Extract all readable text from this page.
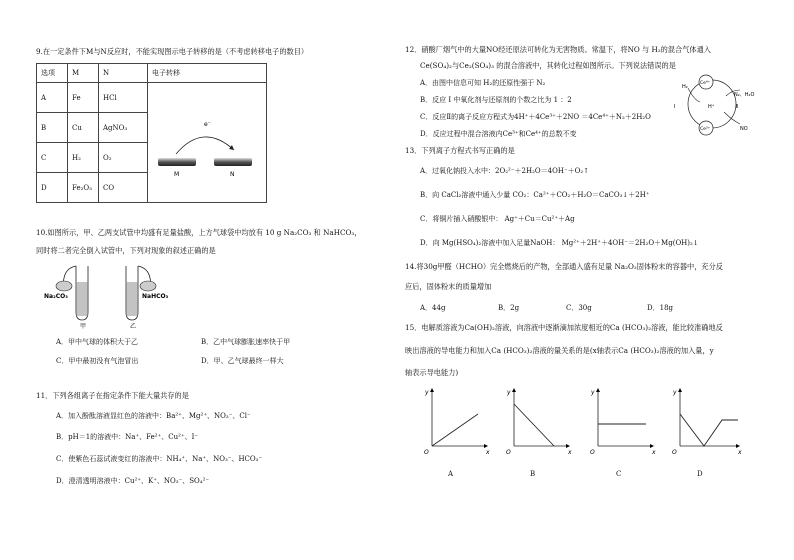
9.在一定条件下M与N反应时，不能实现图示电子转移的是（不考虑转移电子的数目）
选项	M	N	电子转移
A	Fe	HCl	e⁻
M N

B	Cu	AgNO₃	
C	H₂	O₂	
D	Fe₂O₃	CO	
10.如图所示，甲、乙两支试管中均盛有足量盐酸，上方气球袋中均放有 10 g Na₂CO₃ 和 NaHCO₃，
同时将二者完全倒入试管中，下列对现象的叙述正确的是
Na₂CO₃
甲
NaHCO₃
乙
A．甲中气球的体积大于乙	B．乙中气球膨胀速率快于甲
C．甲中最初没有气泡冒出	D．甲、乙气球最终一样大
11．下列各组离子在指定条件下能大量共存的是
A．加入酚酞溶液显红色的溶液中：Ba²⁺、Mg²⁺、NO₃⁻、Cl⁻
B．pH＝1的溶液中：Na⁺、Fe²⁺、Cu²⁺、I⁻
C．使紫色石蕊试液变红的溶液中：NH₄⁺、Na⁺、NO₃⁻、HCO₃⁻
D．澄清透明溶液中：Cu²⁺、K⁺、NO₃⁻、SO₄²⁻
12．硝酸厂烟气中的大量NO经还原法可转化为无害物质。常温下，将NO 与 H₂的混合气体通入
Ce(SO₄)₂与Ce₂(SO₄)₃ 的混合溶液中，其转化过程如图所示。下列说法错误的是
A．由图中信息可知 H₂的还原性强于 N₂
B．反应 Ⅰ 中氧化剂与还原剂的个数之比为 1 ：2
C．反应Ⅱ的离子反应方程式为4H⁺＋4Ce³⁺＋2NO ＝4Ce⁴⁺＋N₂＋2H₂O
D．反应过程中混合溶液内Ce³⁺和Ce⁴⁺的总数不变
Ce⁴⁺
Ce³⁺
H₂
N₂、H₂O
H⁺
Ⅰ	Ⅱ
NO
13．下列离子方程式书写正确的是
A．过氧化钠投入水中：2O₂²⁻＋2H₂O＝4OH⁻＋O₂↑
B．向 CaCl₂溶液中通入少量 CO₂：Ca²⁺＋CO₂＋H₂O＝CaCO₃↓＋2H⁺
C．将铜片插入硝酸银中： Ag⁺＋Cu＝Cu²⁺＋Ag
D．向 Mg(HSO₄)₂溶液中加入足量NaOH： Mg²⁺＋2H⁺＋4OH⁻＝2H₂O＋Mg(OH)₂↓
14.将30g甲醛（HCHO）完全燃烧后的产物，全部通入盛有足量 Na₂O₂固体粉末的容器中，充分反
应后，固体粉末的质量增加
A．44g	B．2g	C．30g	D．18g
15．电解质溶液为Ca(OH)₂溶液，向溶液中逐渐滴加浓度相近的Ca (HCO₃)₂溶液，能比较准确地反
映出溶液的导电能力和加入Ca (HCO₃)₂溶液的量关系的是(x轴表示Ca (HCO₃)₂溶液的加入量，y
轴表示导电能力)
y
x
O
A
y
x
O
B
y
x
O
C
y
x
O
D
